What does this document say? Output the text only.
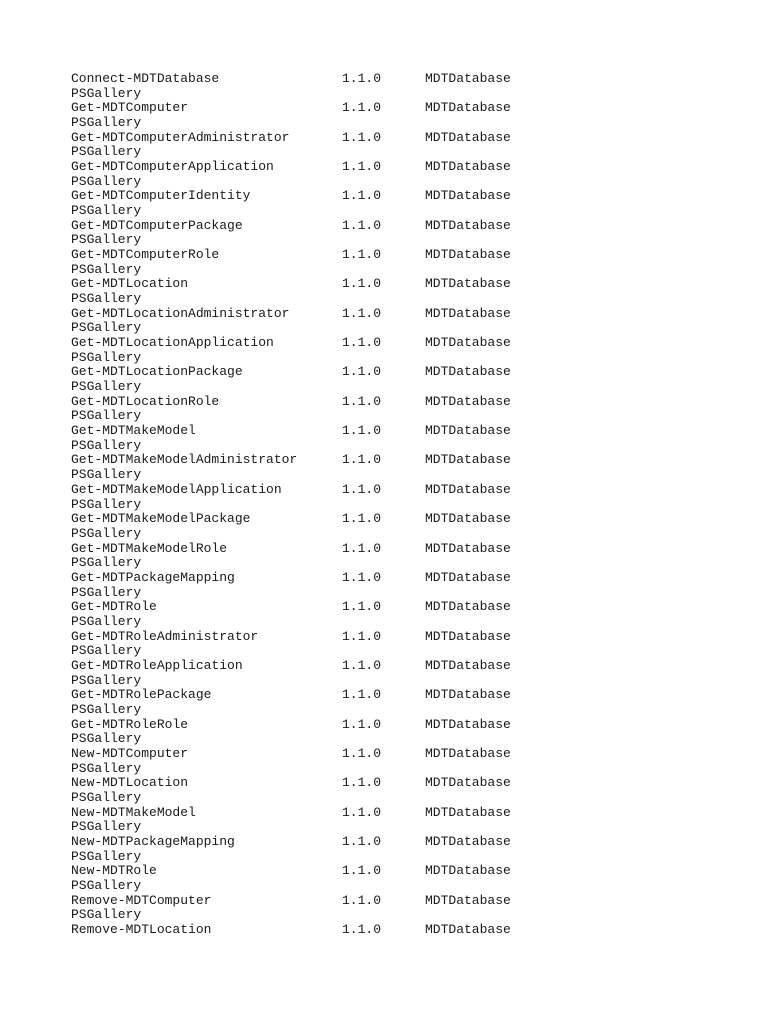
Connect-MDTDatabase	1.1.0	MDTDatabase
PSGallery
Get-MDTComputer	1.1.0	MDTDatabase
PSGallery
Get-MDTComputerAdministrator	1.1.0	MDTDatabase
PSGallery
Get-MDTComputerApplication	1.1.0	MDTDatabase
PSGallery
Get-MDTComputerIdentity	1.1.0	MDTDatabase
PSGallery
Get-MDTComputerPackage	1.1.0	MDTDatabase
PSGallery
Get-MDTComputerRole	1.1.0	MDTDatabase
PSGallery
Get-MDTLocation	1.1.0	MDTDatabase
PSGallery
Get-MDTLocationAdministrator	1.1.0	MDTDatabase
PSGallery
Get-MDTLocationApplication	1.1.0	MDTDatabase
PSGallery
Get-MDTLocationPackage	1.1.0	MDTDatabase
PSGallery
Get-MDTLocationRole	1.1.0	MDTDatabase
PSGallery
Get-MDTMakeModel	1.1.0	MDTDatabase
PSGallery
Get-MDTMakeModelAdministrator	1.1.0	MDTDatabase
PSGallery
Get-MDTMakeModelApplication	1.1.0	MDTDatabase
PSGallery
Get-MDTMakeModelPackage	1.1.0	MDTDatabase
PSGallery
Get-MDTMakeModelRole	1.1.0	MDTDatabase
PSGallery
Get-MDTPackageMapping	1.1.0	MDTDatabase
PSGallery
Get-MDTRole	1.1.0	MDTDatabase
PSGallery
Get-MDTRoleAdministrator	1.1.0	MDTDatabase
PSGallery
Get-MDTRoleApplication	1.1.0	MDTDatabase
PSGallery
Get-MDTRolePackage	1.1.0	MDTDatabase
PSGallery
Get-MDTRoleRole	1.1.0	MDTDatabase
PSGallery
New-MDTComputer	1.1.0	MDTDatabase
PSGallery
New-MDTLocation	1.1.0	MDTDatabase
PSGallery
New-MDTMakeModel	1.1.0	MDTDatabase
PSGallery
New-MDTPackageMapping	1.1.0	MDTDatabase
PSGallery
New-MDTRole	1.1.0	MDTDatabase
PSGallery
Remove-MDTComputer	1.1.0	MDTDatabase
PSGallery
Remove-MDTLocation	1.1.0	MDTDatabase
